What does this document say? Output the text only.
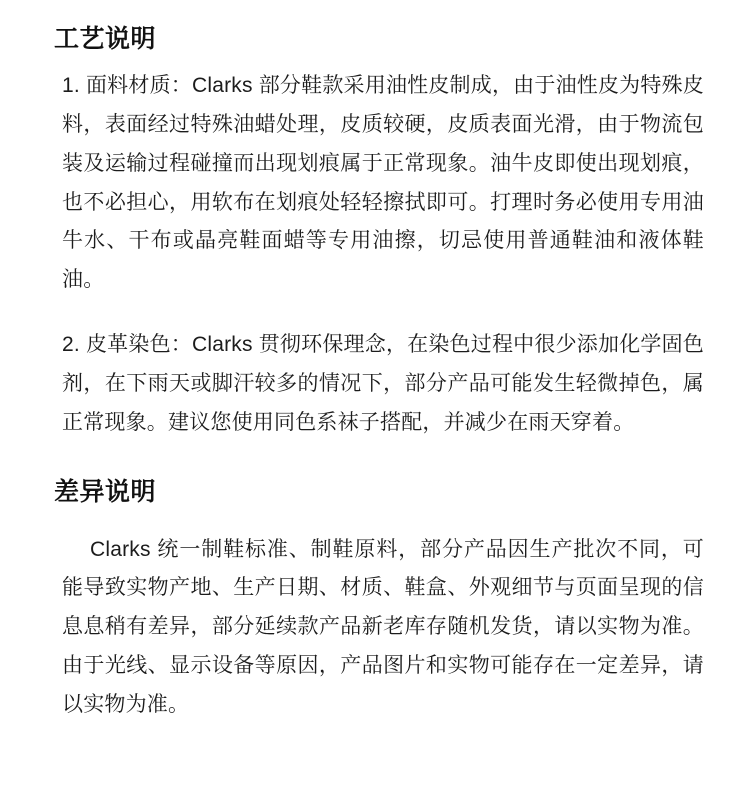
工艺说明

1. 面料材质：Clarks 部分鞋款采用油性皮制成，由于油性皮为特殊皮料，表面经过特殊油蜡处理，皮质较硬，皮质表面光滑，由于物流包装及运输过程碰撞而出现划痕属于正常现象。油牛皮即使出现划痕，也不必担心，用软布在划痕处轻轻擦拭即可。打理时务必使用专用油牛水、干布或晶亮鞋面蜡等专用油擦，切忌使用普通鞋油和液体鞋油。

2. 皮革染色：Clarks 贯彻环保理念，在染色过程中很少添加化学固色剂，在下雨天或脚汗较多的情况下，部分产品可能发生轻微掉色，属正常现象。建议您使用同色系袜子搭配，并减少在雨天穿着。

差异说明

Clarks 统一制鞋标准、制鞋原料，部分产品因生产批次不同，可能导致实物产地、生产日期、材质、鞋盒、外观细节与页面呈现的信息息稍有差异，部分延续款产品新老库存随机发货，请以实物为准。由于光线、显示设备等原因，产品图片和实物可能存在一定差异，请以实物为准。
